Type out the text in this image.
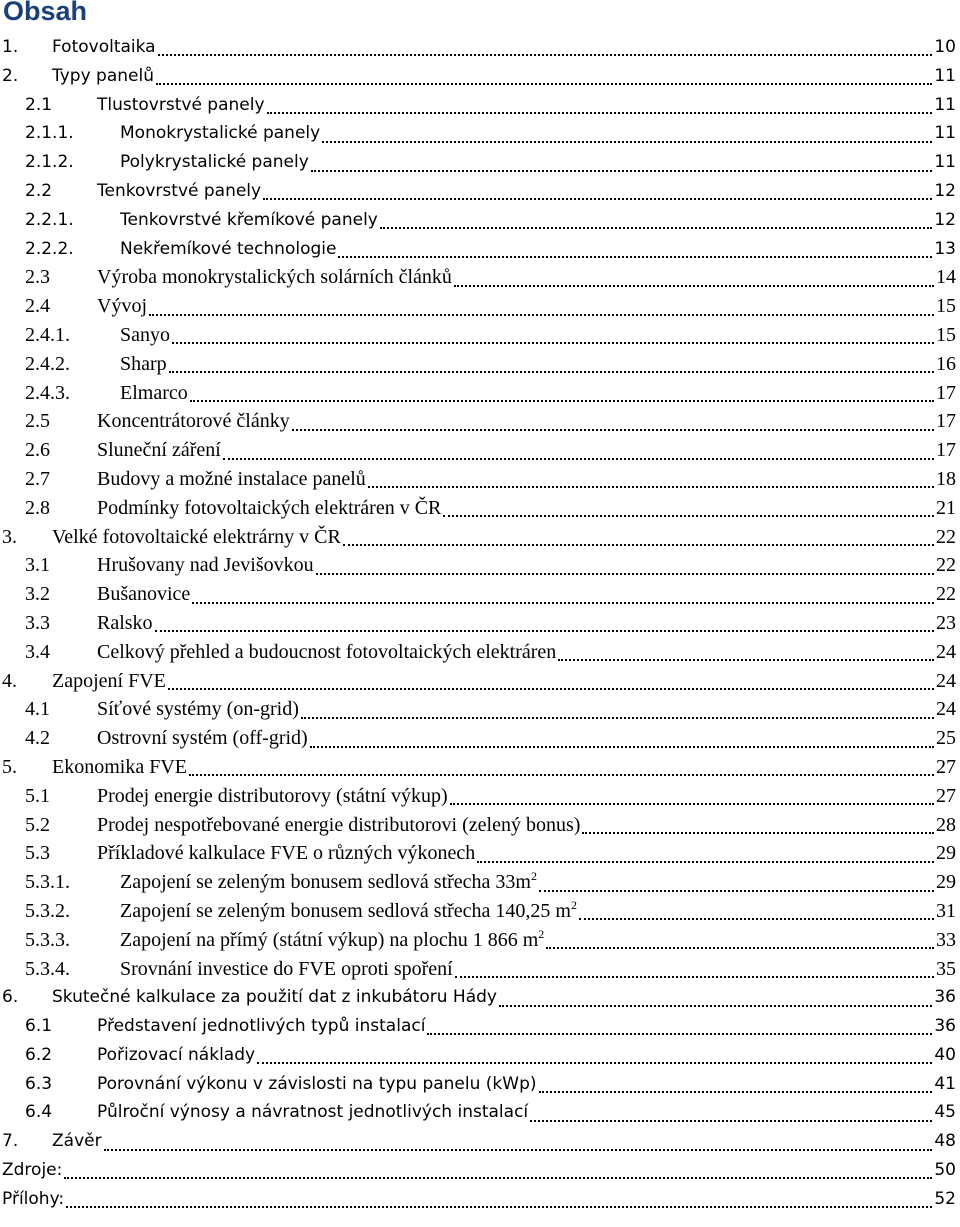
Obsah
1.	Fotovoltaika	10
2.	Typy panelů	11
2.1	Tlustovrstvé panely	11
2.1.1.	Monokrystalické panely	11
2.1.2.	Polykrystalické panely	11
2.2	Tenkovrstvé panely	12
2.2.1.	Tenkovrstvé křemíkové panely	12
2.2.2.	Nekřemíkové technologie	13
2.3	Výroba monokrystalických solárních článků	14
2.4	Vývoj	15
2.4.1.	Sanyo	15
2.4.2.	Sharp	16
2.4.3.	Elmarco	17
2.5	Koncentrátorové články	17
2.6	Sluneční záření	17
2.7	Budovy a možné instalace panelů	18
2.8	Podmínky fotovoltaických elektráren v ČR	21
3.	Velké fotovoltaické elektrárny v ČR	22
3.1	Hrušovany nad Jevišovkou	22
3.2	Bušanovice	22
3.3	Ralsko	23
3.4	Celkový přehled a budoucnost fotovoltaických elektráren	24
4.	Zapojení FVE	24
4.1	Síťové systémy (on-grid)	24
4.2	Ostrovní systém (off-grid)	25
5.	Ekonomika FVE	27
5.1	Prodej energie distributorovy (státní výkup)	27
5.2	Prodej nespotřebované energie distributorovi (zelený bonus)	28
5.3	Příkladové kalkulace FVE o různých výkonech	29
5.3.1.	Zapojení se zeleným bonusem sedlová střecha $33m^2$	29
5.3.2.	Zapojení se zeleným bonusem sedlová střecha 140,25 $m^2$	31
5.3.3.	Zapojení na přímý (státní výkup) na plochu 1 866 $m^2$	33
5.3.4.	Srovnání investice do FVE oproti spoření	35
6.	Skutečné kalkulace za použití dat z inkubátoru Hády	36
6.1	Představení jednotlivých typů instalací	36
6.2	Pořizovací náklady	40
6.3	Porovnání výkonu v závislosti na typu panelu (kWp)	41
6.4	Půlroční výnosy a návratnost jednotlivých instalací	45
7.	Závěr	48
Zdroje:	50
Přílohy:	52
